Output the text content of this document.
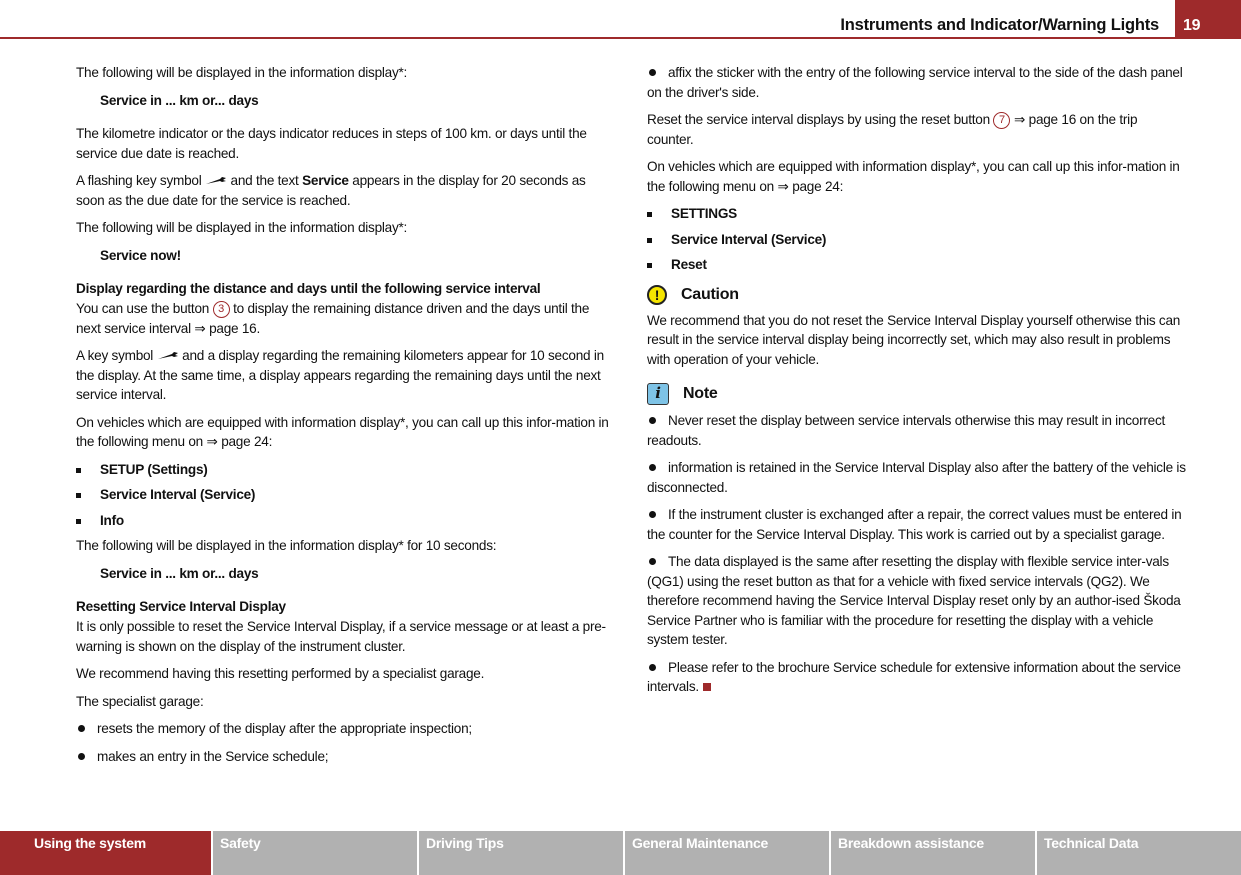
Instruments and Indicator/Warning Lights	19

The following will be displayed in the information display*:

Service in ... km or... days

The kilometre indicator or the days indicator reduces in steps of 100 km. or days until the service due date is reached.

A flashing key symbol  and the text Service appears in the display for 20 seconds as soon as the due date for the service is reached.

The following will be displayed in the information display*:

Service now!

Display regarding the distance and days until the following service interval

You can use the button 3 to display the remaining distance driven and the days until the next service interval ⇒ page 16.

A key symbol  and a display regarding the remaining kilometers appear for 10 second in the display. At the same time, a display appears regarding the remaining days until the next service interval.

On vehicles which are equipped with information display*, you can call up this infor-mation in the following menu on ⇒ page 24:

SETUP (Settings)

Service Interval (Service)

Info

The following will be displayed in the information display* for 10 seconds:

Service in ... km or... days

Resetting Service Interval Display

It is only possible to reset the Service Interval Display, if a service message or at least a pre-warning is shown on the display of the instrument cluster.

We recommend having this resetting performed by a specialist garage.

The specialist garage:

resets the memory of the display after the appropriate inspection;

makes an entry in the Service schedule;

affix the sticker with the entry of the following service interval to the side of the dash panel on the driver's side.

Reset the service interval displays by using the reset button 7 ⇒ page 16 on the trip counter.

On vehicles which are equipped with information display*, you can call up this infor-mation in the following menu on ⇒ page 24:

SETTINGS

Service Interval (Service)

Reset

!	Caution

We recommend that you do not reset the Service Interval Display yourself otherwise this can result in the service interval display being incorrectly set, which may also result in problems with operation of your vehicle.

i	Note

Never reset the display between service intervals otherwise this may result in incorrect readouts.

information is retained in the Service Interval Display also after the battery of the vehicle is disconnected.

If the instrument cluster is exchanged after a repair, the correct values must be entered in the counter for the Service Interval Display. This work is carried out by a specialist garage.

The data displayed is the same after resetting the display with flexible service inter-vals (QG1) using the reset button as that for a vehicle with fixed service intervals (QG2). We therefore recommend having the Service Interval Display reset only by an author-ised Škoda Service Partner who is familiar with the procedure for resetting the display with a vehicle system tester.

Please refer to the brochure Service schedule for extensive information about the service intervals.

Using the system	Safety	Driving Tips	General Maintenance	Breakdown assistance	Technical Data
